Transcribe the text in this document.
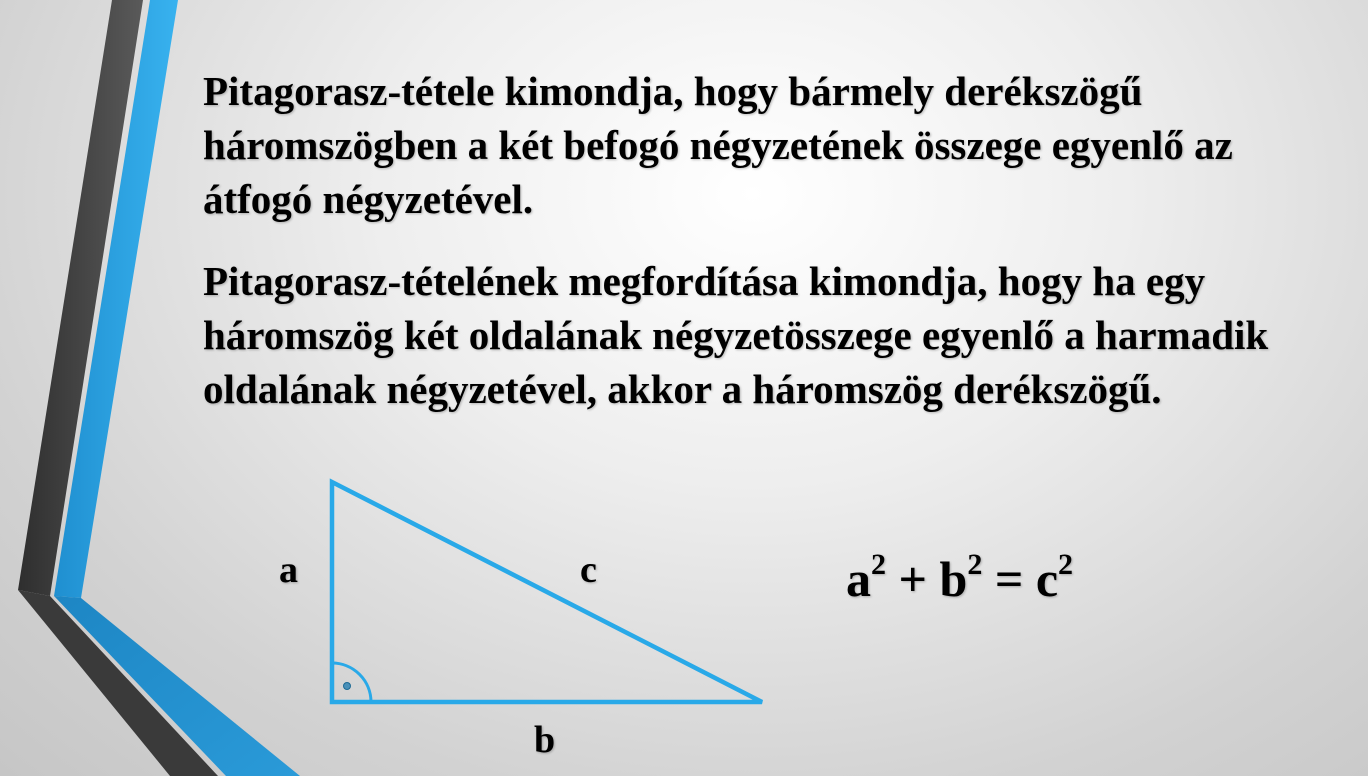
Pitagorasz-tétele kimondja, hogy bármely derékszögű háromszögben a két befogó négyzetének összege egyenlő az átfogó négyzetével.

Pitagorasz-tételének megfordítása kimondja, hogy ha egy háromszög két oldalának négyzetösszege egyenlő a harmadik oldalának négyzetével, akkor a háromszög derékszögű.

a	c
b
$a^2 + b^2 = c^2$
